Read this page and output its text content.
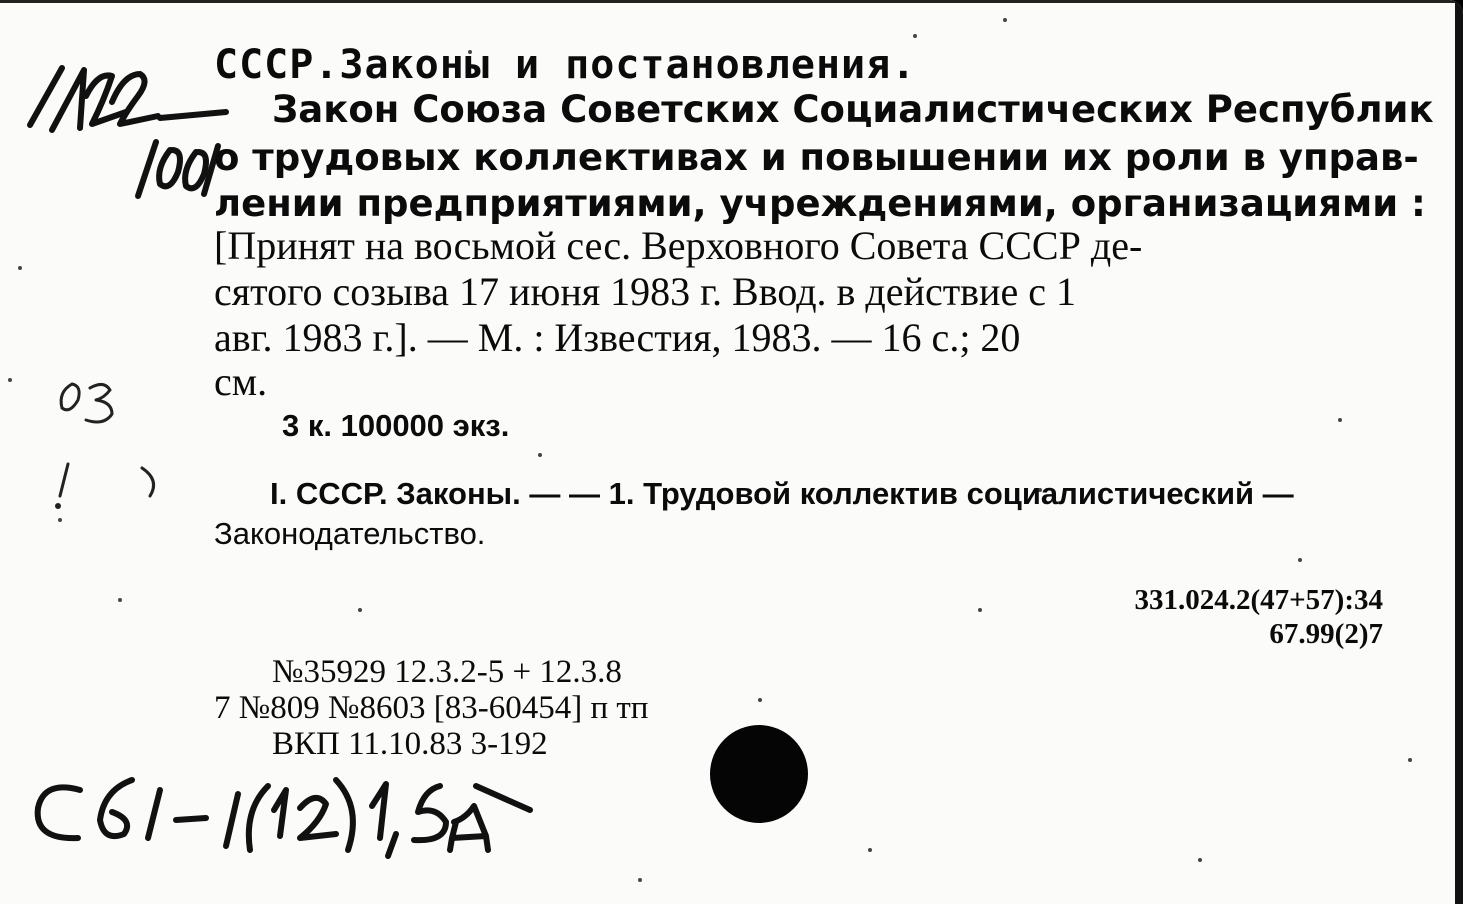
СССР.Законы и постановления.

Закон Союза Советских Социалистических Республик

о трудовых коллективах и повышении их роли в управ-

лении предприятиями, учреждениями, организациями :

[Принят на восьмой сес. Верховного Совета СССР де-

сятого созыва 17 июня 1983 г. Ввод. в действие с 1

авг. 1983 г.]. — М. : Известия, 1983. — 16 с.; 20

см.

3 к. 100000 экз.

I. СССР. Законы. — — 1. Трудовой коллектив социалистический —

Законодательство.

331.024.2(47+57):34

67.99(2)7

№35929 12.3.2-5 + 12.3.8

7 №809 №8603 [83-60454] п тп

ВКП 11.10.83 3-192
